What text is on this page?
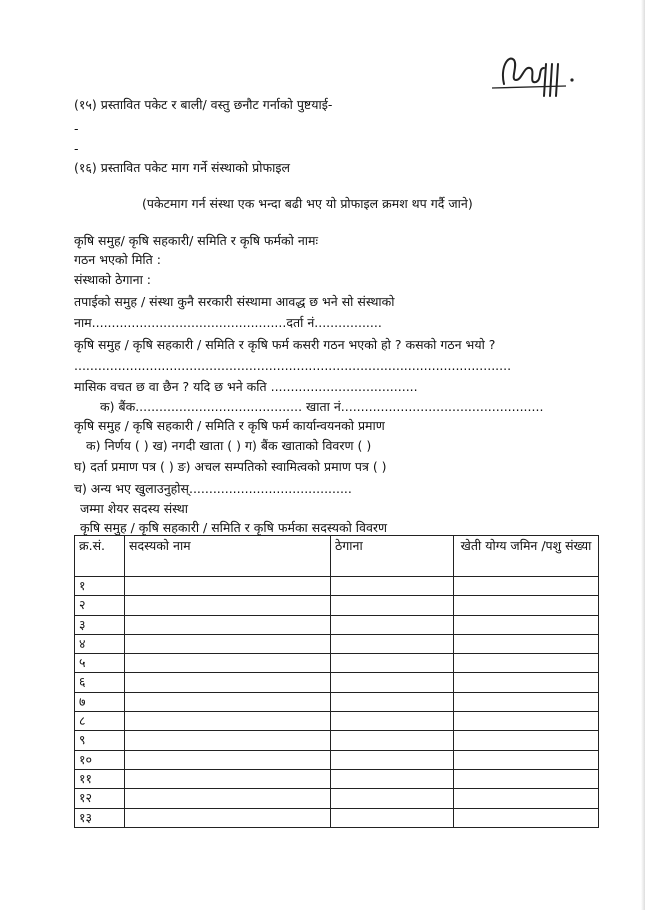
(१५) प्रस्तावित पकेट र बाली/ वस्तु छनौट गर्नाको पुष्टयाई-
-
-
(१६) प्रस्तावित पकेट माग गर्ने संस्थाको प्रोफाइल
(पकेटमाग गर्न संस्था एक भन्दा बढी भए यो प्रोफाइल क्रमश थप गर्दै जाने)
कृषि समुह/ कृषि सहकारी/ समिति र कृषि फर्मको नामः
गठन भएको मिति :
संस्थाको ठेगाना :
तपाईको समुह / संस्था कुनै सरकारी संस्थामा आवद्ध छ भने सो संस्थाको
नाम.................................................दर्ता नं.................
कृषि समुह / कृषि सहकारी / समिति र कृषि फर्म कसरी गठन भएको हो ? कसको गठन भयो ?
..............................................................................................................
मासिक वचत छ वा छैन ? यदि छ भने कति .....................................
क) बैंक.......................................... खाता नं...................................................
कृषि समुह / कृषि सहकारी / समिति र कृषि फर्म कार्यान्वयनको प्रमाण
क) निर्णय ( ) ख) नगदी खाता ( ) ग) बैंक खाताको विवरण ( )
घ) दर्ता प्रमाण पत्र ( ) ङ) अचल सम्पतिको स्वामित्वको प्रमाण पत्र ( )
च) अन्य भए खुलाउनुहोस्.........................................
जम्मा शेयर सदस्य संस्था
कृषि समुह / कृषि सहकारी / समिति र कृषि फर्मका सदस्यको विवरण
क्र.सं.	सदस्यको नाम	ठेगाना	खेती योग्य जमिन /पशु संख्या
१			
२			
३			
४			
५			
६			
७			
८			
९			
१०			
११			
१२			
१३			
